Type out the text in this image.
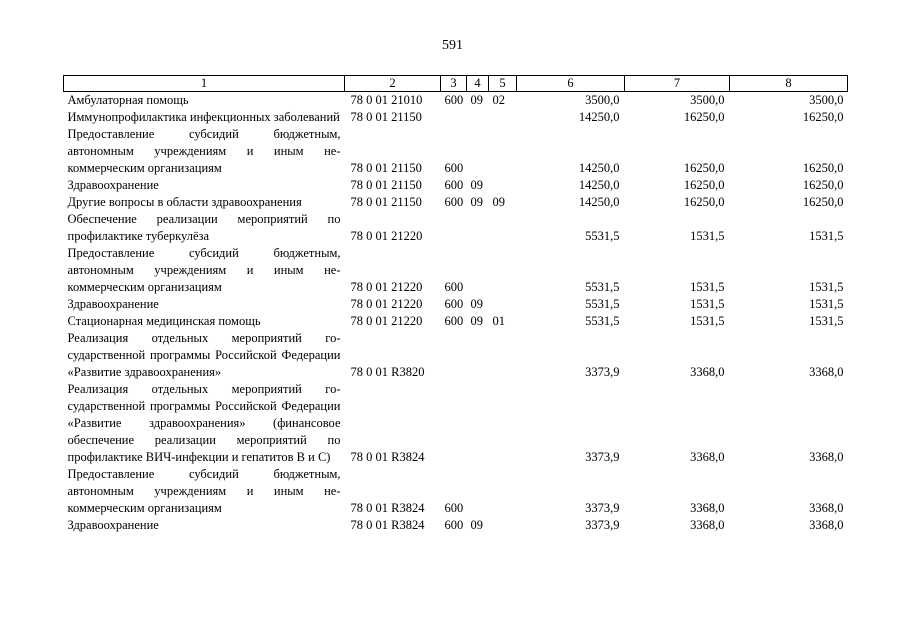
591
1	2	3	4	5	6	7	8
Амбулаторная помощь	78 0 01 21010	600	09	02	3500,0	3500,0	3500,0
Иммунопрофилактика инфекционных заболеваний	78 0 01 21150				14250,0	16250,0	16250,0
Предоставление субсидий бюджетным, автономным учреждениям и иным некоммерческим организациям	78 0 01 21150	600			14250,0	16250,0	16250,0
Здравоохранение	78 0 01 21150	600	09		14250,0	16250,0	16250,0
Другие вопросы в области здравоохранения	78 0 01 21150	600	09	09	14250,0	16250,0	16250,0
Обеспечение реализации мероприятий по профилактике туберкулёза	78 0 01 21220				5531,5	1531,5	1531,5
Предоставление субсидий бюджетным, автономным учреждениям и иным некоммерческим организациям	78 0 01 21220	600			5531,5	1531,5	1531,5
Здравоохранение	78 0 01 21220	600	09		5531,5	1531,5	1531,5
Стационарная медицинская помощь	78 0 01 21220	600	09	01	5531,5	1531,5	1531,5
Реализация отдельных мероприятий государственной программы Российской Федерации «Развитие здравоохранения»	78 0 01 R3820				3373,9	3368,0	3368,0
Реализация отдельных мероприятий государственной программы Российской Федерации «Развитие здравоохранения» (финансовое обеспечение реализации мероприятий по профилактике ВИЧ-инфекции и гепатитов В и С)	78 0 01 R3824				3373,9	3368,0	3368,0
Предоставление субсидий бюджетным, автономным учреждениям и иным некоммерческим организациям	78 0 01 R3824	600			3373,9	3368,0	3368,0
Здравоохранение	78 0 01 R3824	600	09		3373,9	3368,0	3368,0
